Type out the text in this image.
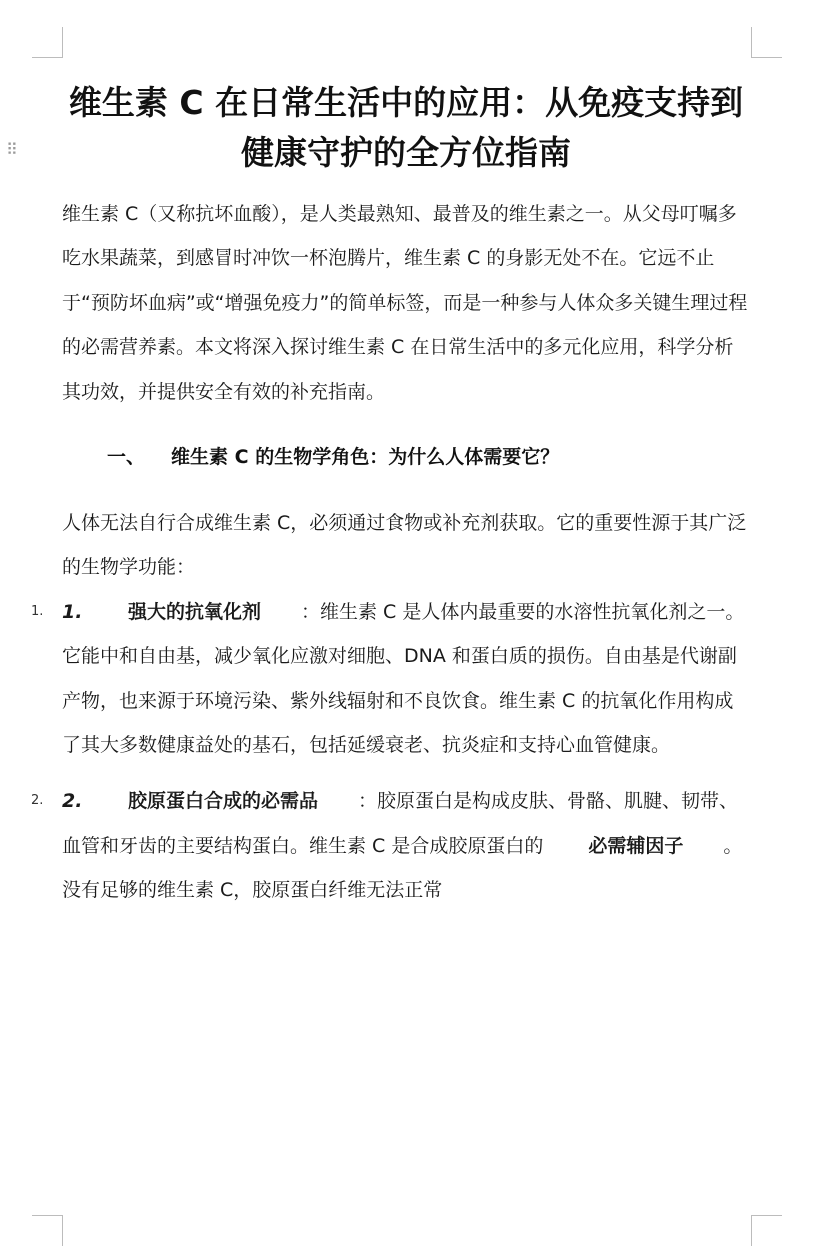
⠿
维生素 C 在日常生活中的应用：从免疫支持到健康守护的全方位指南

维生素 C（又称抗坏血酸），是人类最熟知、最普及的维生素之一。从父母叮嘱多吃水果蔬菜，到感冒时冲饮一杯泡腾片，维生素 C 的身影无处不在。它远不止于“预防坏血病”或“增强免疫力”的简单标签，而是一种参与人体众多关键生理过程的必需营养素。本文将深入探讨维生素 C 在日常生活中的多元化应用，科学分析其功效，并提供安全有效的补充指南。

一、 维生素 C 的生物学角色：为什么人体需要它？

人体无法自行合成维生素 C，必须通过食物或补充剂获取。它的重要性源于其广泛的生物学功能：

1. 1. 强大的抗氧化剂 ：维生素 C 是人体内最重要的水溶性抗氧化剂之一。它能中和自由基，减少氧化应激对细胞、DNA 和蛋白质的损伤。自由基是代谢副产物，也来源于环境污染、紫外线辐射和不良饮食。维生素 C 的抗氧化作用构成了其大多数健康益处的基石，包括延缓衰老、抗炎症和支持心血管健康。
2. 2. 胶原蛋白合成的必需品 ：胶原蛋白是构成皮肤、骨骼、肌腱、韧带、血管和牙齿的主要结构蛋白。维生素 C 是合成胶原蛋白的 必需辅因子 。没有足够的维生素 C，胶原蛋白纤维无法正常
